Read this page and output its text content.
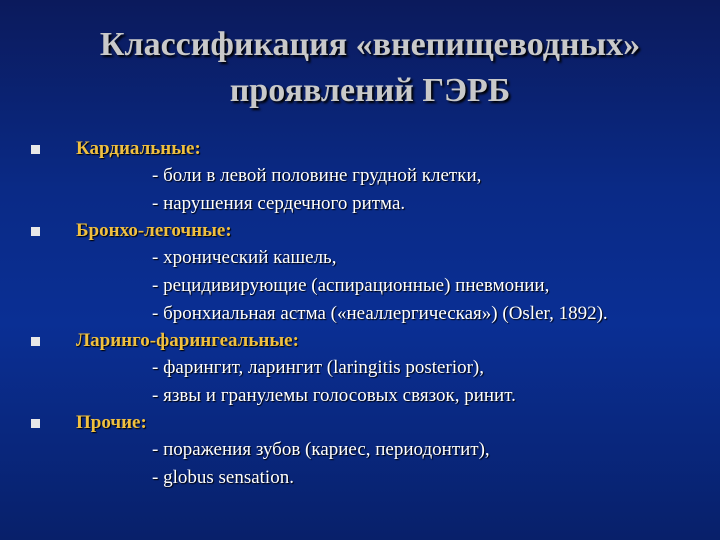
Классификация «внепищеводных»
проявлений ГЭРБ
Кардиальные:
- боли в левой половине грудной клетки,
- нарушения сердечного ритма.
Бронхо-легочные:
- хронический кашель,
- рецидивирующие (аспирационные) пневмонии,
- бронхиальная астма («неаллергическая») (Osler, 1892).
Ларинго-фарингеальные:
- фарингит, ларингит (laringitis posterior),
- язвы и гранулемы голосовых связок, ринит.
Прочие:
- поражения зубов (кариес, периодонтит),
- globus sensation.
